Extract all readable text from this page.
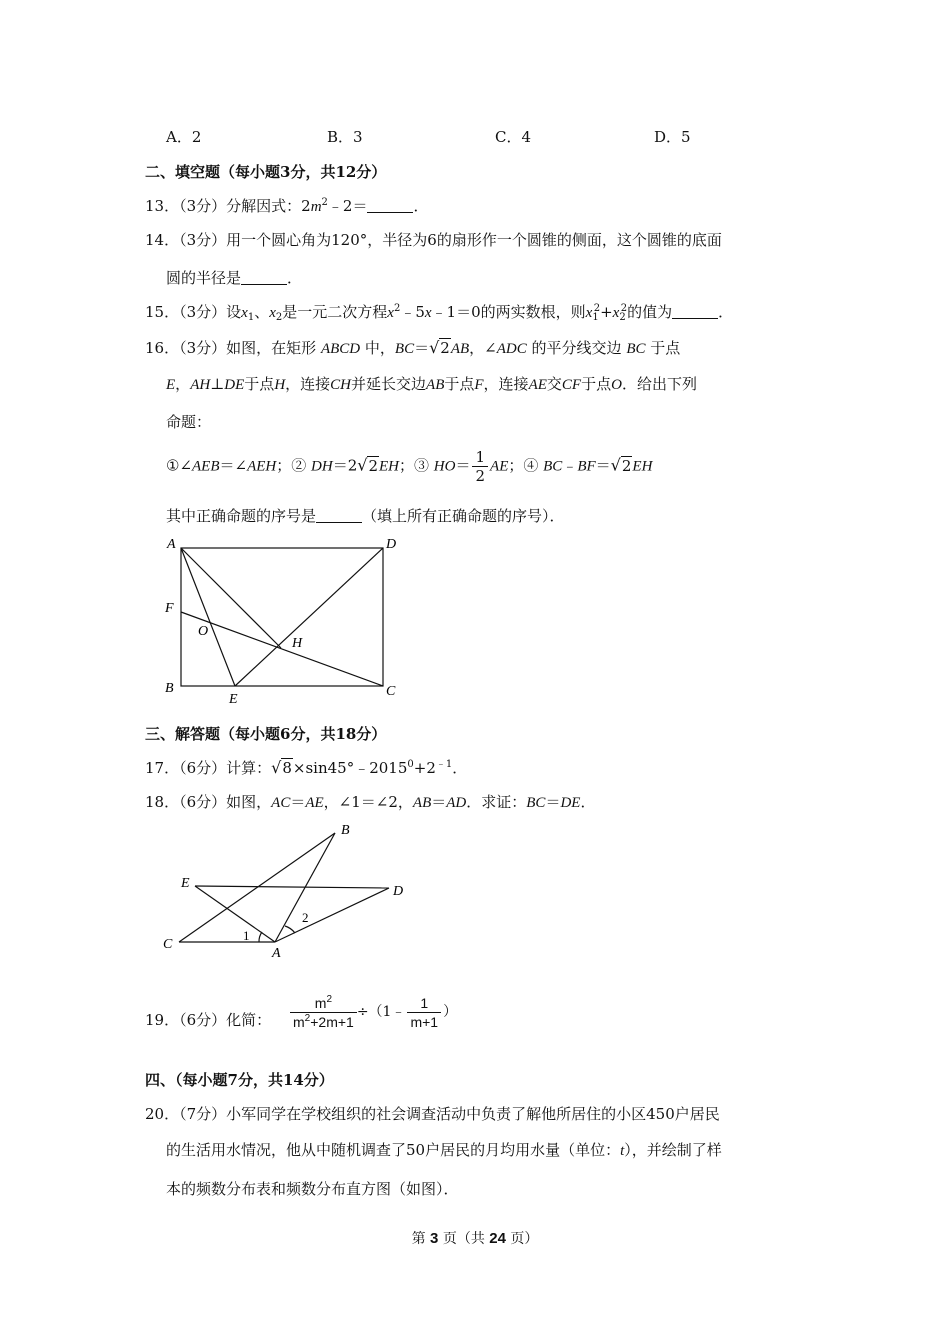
A．2	B．3	C．4	D．5
二、填空题（每小题3分，共12分）
13．（3分）分解因式：$2m^2﹣2=$	．
14．（3分）用一个圆心角为120°，半径为6的扇形作一个圆锥的侧面，这个圆锥的底面
圆的半径是	．
15．（3分）设$x_1$、$x_2$是一元二次方程$x^2﹣5x﹣1=0$的两实数根，则$x_1^2+x_2^2$的值为	．
16．（3分）如图，在矩形 ABCD 中，BC＝√2AB，∠ADC 的平分线交边 BC 于点
E，AH⊥DE于点H，连接CH并延长交边AB于点F，连接AE交CF于点O．给出下列
命题：
①∠AEB＝∠AEH；② DH＝2√2EH；③ $HO= \frac{1}{2}$ AE；④ BC﹣BF＝√2EH
其中正确命题的序号是	（填上所有正确命题的序号）．
A	D
B	C
E
F
H
O
三、解答题（每小题6分，共18分）
17．（6分）计算：$√8\times\sin 45^\circ﹣2015^0+2^{﹣1}$．
18．（6分）如图，AC＝AE，∠1＝∠2，AB＝AD．求证：BC＝DE．
B
E
D
C
A
1
2
19．（6分）化简： $\frac{m^2}{m^2+2m+1}$ ÷（1﹣ $\frac{1}{m+1}$ ）
四、（每小题7分，共14分）
20．（7分）小军同学在学校组织的社会调查活动中负责了解他所居住的小区450户居民
的生活用水情况，他从中随机调查了50户居民的月均用水量（单位：t），并绘制了样
本的频数分布表和频数分布直方图（如图）．
第 3 页（共 24 页）
